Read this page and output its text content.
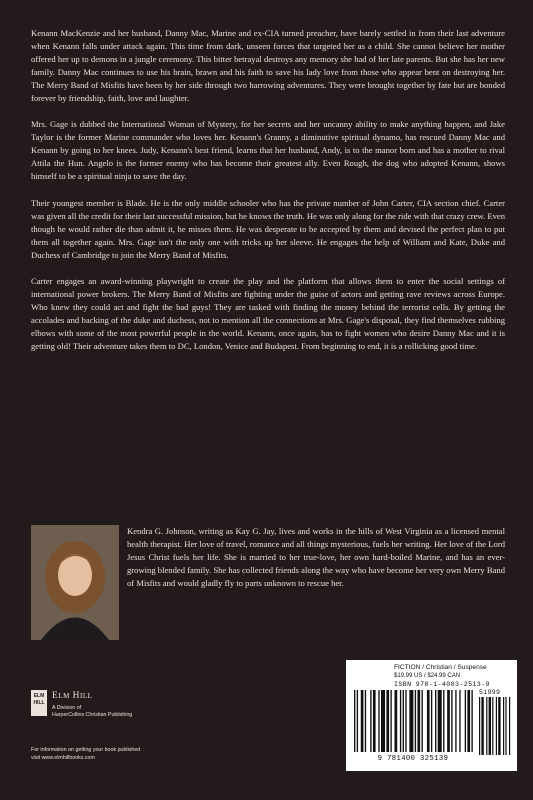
Kenann MacKenzie and her husband, Danny Mac, Marine and ex-CIA turned preacher, have barely settled in from their last adventure when Kenann falls under attack again. This time from dark, unseen forces that targeted her as a child. She cannot believe her mother offered her up to demons in a jungle ceremony. This bitter betrayal destroys any memory she had of her late parents. But she has her new family. Danny Mac continues to use his brain, brawn and his faith to save his lady love from those who appear bent on destroying her. The Merry Band of Misfits have been by her side through two harrowing adventures. They were brought together by fate but are bonded forever by friendship, faith, love and laughter.

Mrs. Gage is dubbed the International Woman of Mystery, for her secrets and her uncanny ability to make anything happen, and Jake Taylor is the former Marine commander who loves her. Kenann's Granny, a diminutive spiritual dynamo, has rescued Danny Mac and Kenann by going to her knees. Judy, Kenann's best friend, learns that her husband, Andy, is to the manor born and has a mother to rival Attila the Hun. Angelo is the former enemy who has become their greatest ally. Even Rough, the dog who adopted Kenann, shows himself to be a spiritual ninja to save the day.

Their youngest member is Blade. He is the only middle schooler who has the private number of John Carter, CIA section chief. Carter was given all the credit for their last successful mission, but he knows the truth. He was only along for the ride with that crazy crew. Even though he would rather die than admit it, he misses them. He was desperate to be accepted by them and devised the perfect plan to put them all together again. Mrs. Gage isn't the only one with tricks up her sleeve. He engages the help of William and Kate, Duke and Duchess of Cambridge to join the Merry Band of Misfits.

Carter engages an award-winning playwright to create the play and the platform that allows them to enter the social settings of international power brokers. The Merry Band of Misfits are fighting under the guise of actors and getting rave reviews across Europe. Who knew they could act and fight the bad guys! They are tasked with finding the money behind the terrorist cells. By getting the accolades and backing of the duke and duchess, not to mention all the connections at Mrs. Gage's disposal, they find themselves rubbing elbows with some of the most powerful people in the world. Kenann, once again, has to fight women who desire Danny Mac and it is getting old! Their adventure takes them to DC, London, Venice and Budapest. From beginning to end, it is a rollicking good time.

Kendra G. Johnson, writing as Kay G. Jay, lives and works in the hills of West Virginia as a licensed mental health therapist. Her love of travel, romance and all things mysterious, fuels her writing. Her love of the Lord Jesus Christ fuels her life. She is married to her true-love, her own hard-boiled Marine, and has an ever-growing blended family. She has collected friends along the way who have become her very own Merry Band of Misfits and would gladly fly to parts unknown to rescue her.

ELM HILL
Elm Hill
A Division of
HarperCollins Christian Publishing
For information on getting your book published
visit www.elmhillbooks.com
FICTION / Christian / Suspense
$19.99 US / $24.99 CAN
ISBN 978-1-4003-2513-9
9 781400 325139
51999
